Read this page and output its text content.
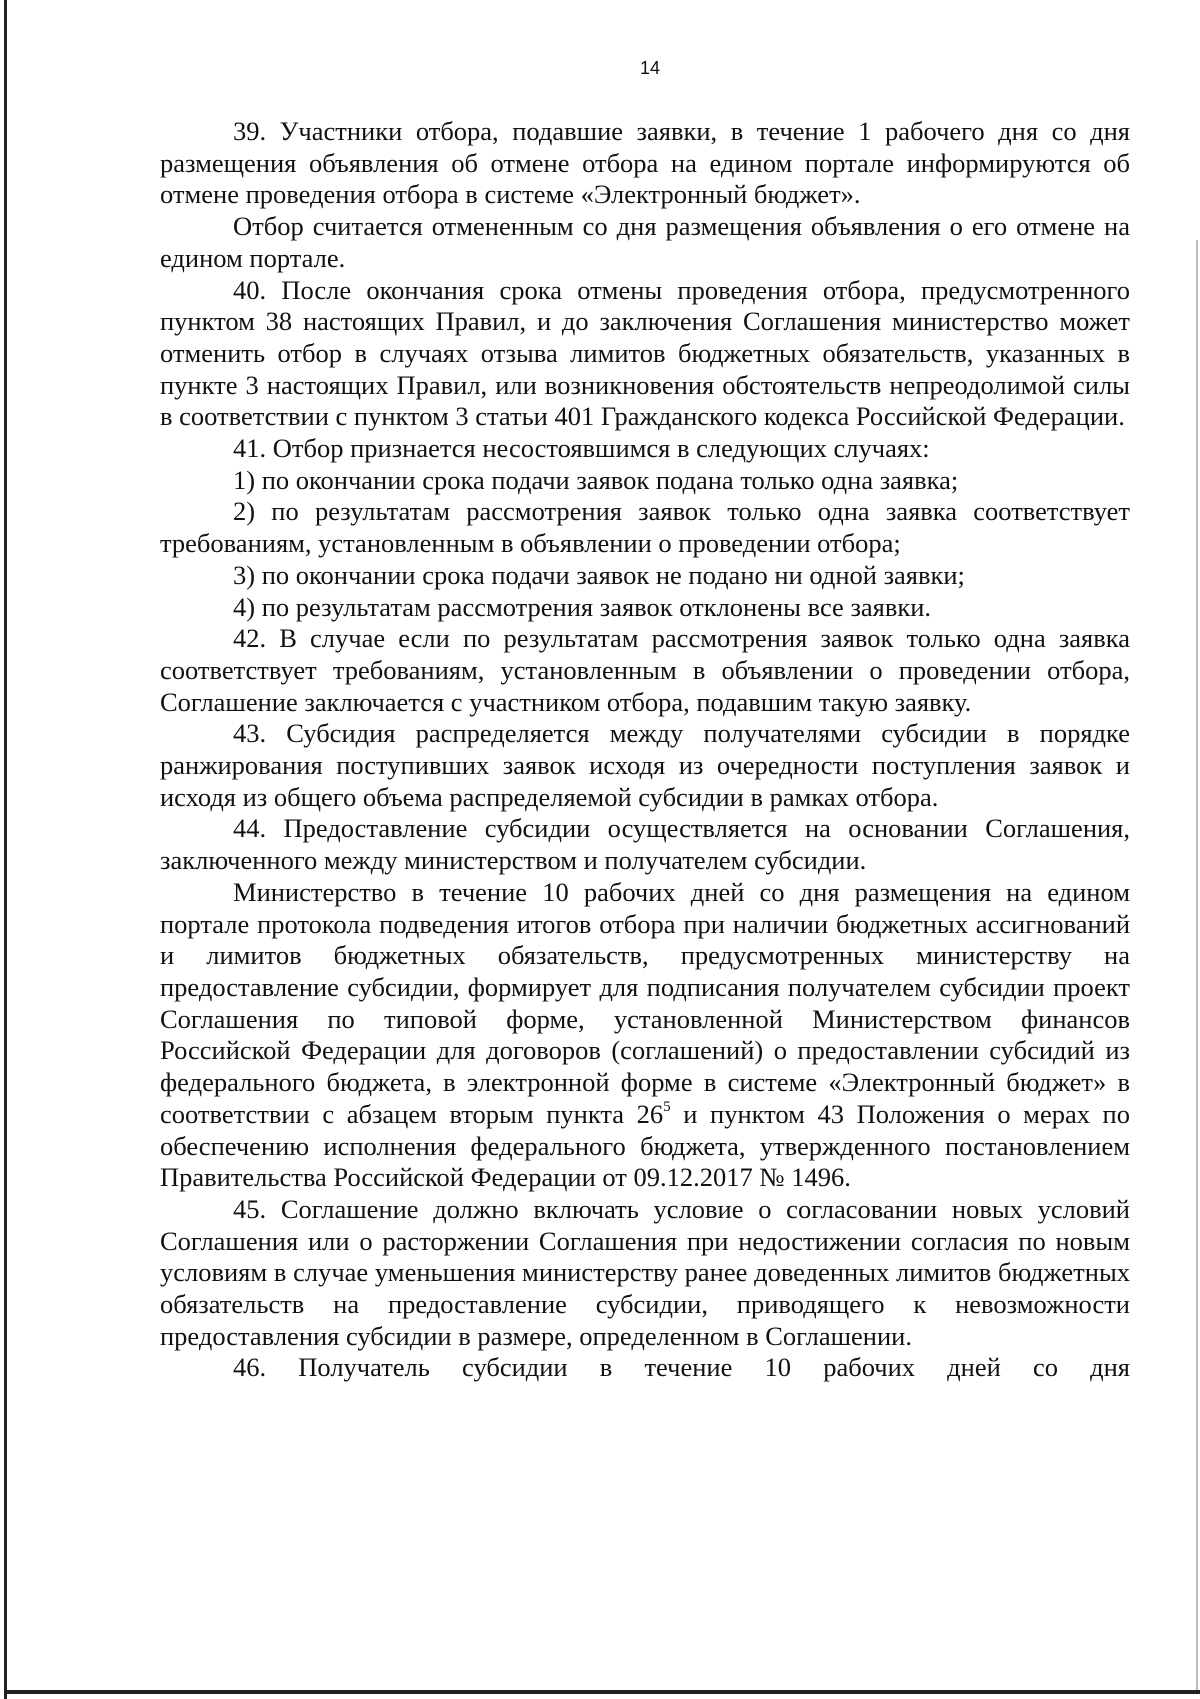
14

39. Участники отбора, подавшие заявки, в течение 1 рабочего дня со дня размещения объявления об отмене отбора на едином портале информируются об отмене проведения отбора в системе «Электронный бюджет».

Отбор считается отмененным со дня размещения объявления о его отмене на едином портале.

40. После окончания срока отмены проведения отбора, предусмотренного пунктом 38 настоящих Правил, и до заключения Соглашения министерство может отменить отбор в случаях отзыва лимитов бюджетных обязательств, указанных в пункте 3 настоящих Правил, или возникновения обстоятельств непреодолимой силы в соответствии с пунктом 3 статьи 401 Гражданского кодекса Российской Федерации.

41. Отбор признается несостоявшимся в следующих случаях:

1) по окончании срока подачи заявок подана только одна заявка;

2) по результатам рассмотрения заявок только одна заявка соответствует требованиям, установленным в объявлении о проведении отбора;

3) по окончании срока подачи заявок не подано ни одной заявки;

4) по результатам рассмотрения заявок отклонены все заявки.

42. В случае если по результатам рассмотрения заявок только одна заявка соответствует требованиям, установленным в объявлении о проведении отбора, Соглашение заключается с участником отбора, подавшим такую заявку.

43. Субсидия распределяется между получателями субсидии в порядке ранжирования поступивших заявок исходя из очередности поступления заявок и исходя из общего объема распределяемой субсидии в рамках отбора.

44. Предоставление субсидии осуществляется на основании Соглашения, заключенного между министерством и получателем субсидии.

Министерство в течение 10 рабочих дней со дня размещения на едином портале протокола подведения итогов отбора при наличии бюджетных ассигнований и лимитов бюджетных обязательств, предусмотренных министерству на предоставление субсидии, формирует для подписания получателем субсидии проект Соглашения по типовой форме, установленной Министерством финансов Российской Федерации для договоров (соглашений) о предоставлении субсидий из федерального бюджета, в электронной форме в системе «Электронный бюджет» в соответствии с абзацем вторым пункта $26^5$ и пунктом 43 Положения о мерах по обеспечению исполнения федерального бюджета, утвержденного постановлением Правительства Российской Федерации от 09.12.2017 № 1496.

45. Соглашение должно включать условие о согласовании новых условий Соглашения или о расторжении Соглашения при недостижении согласия по новым условиям в случае уменьшения министерству ранее доведенных лимитов бюджетных обязательств на предоставление субсидии, приводящего к невозможности предоставления субсидии в размере, определенном в Соглашении.

46. Получатель субсидии в течение 10 рабочих дней со дня
